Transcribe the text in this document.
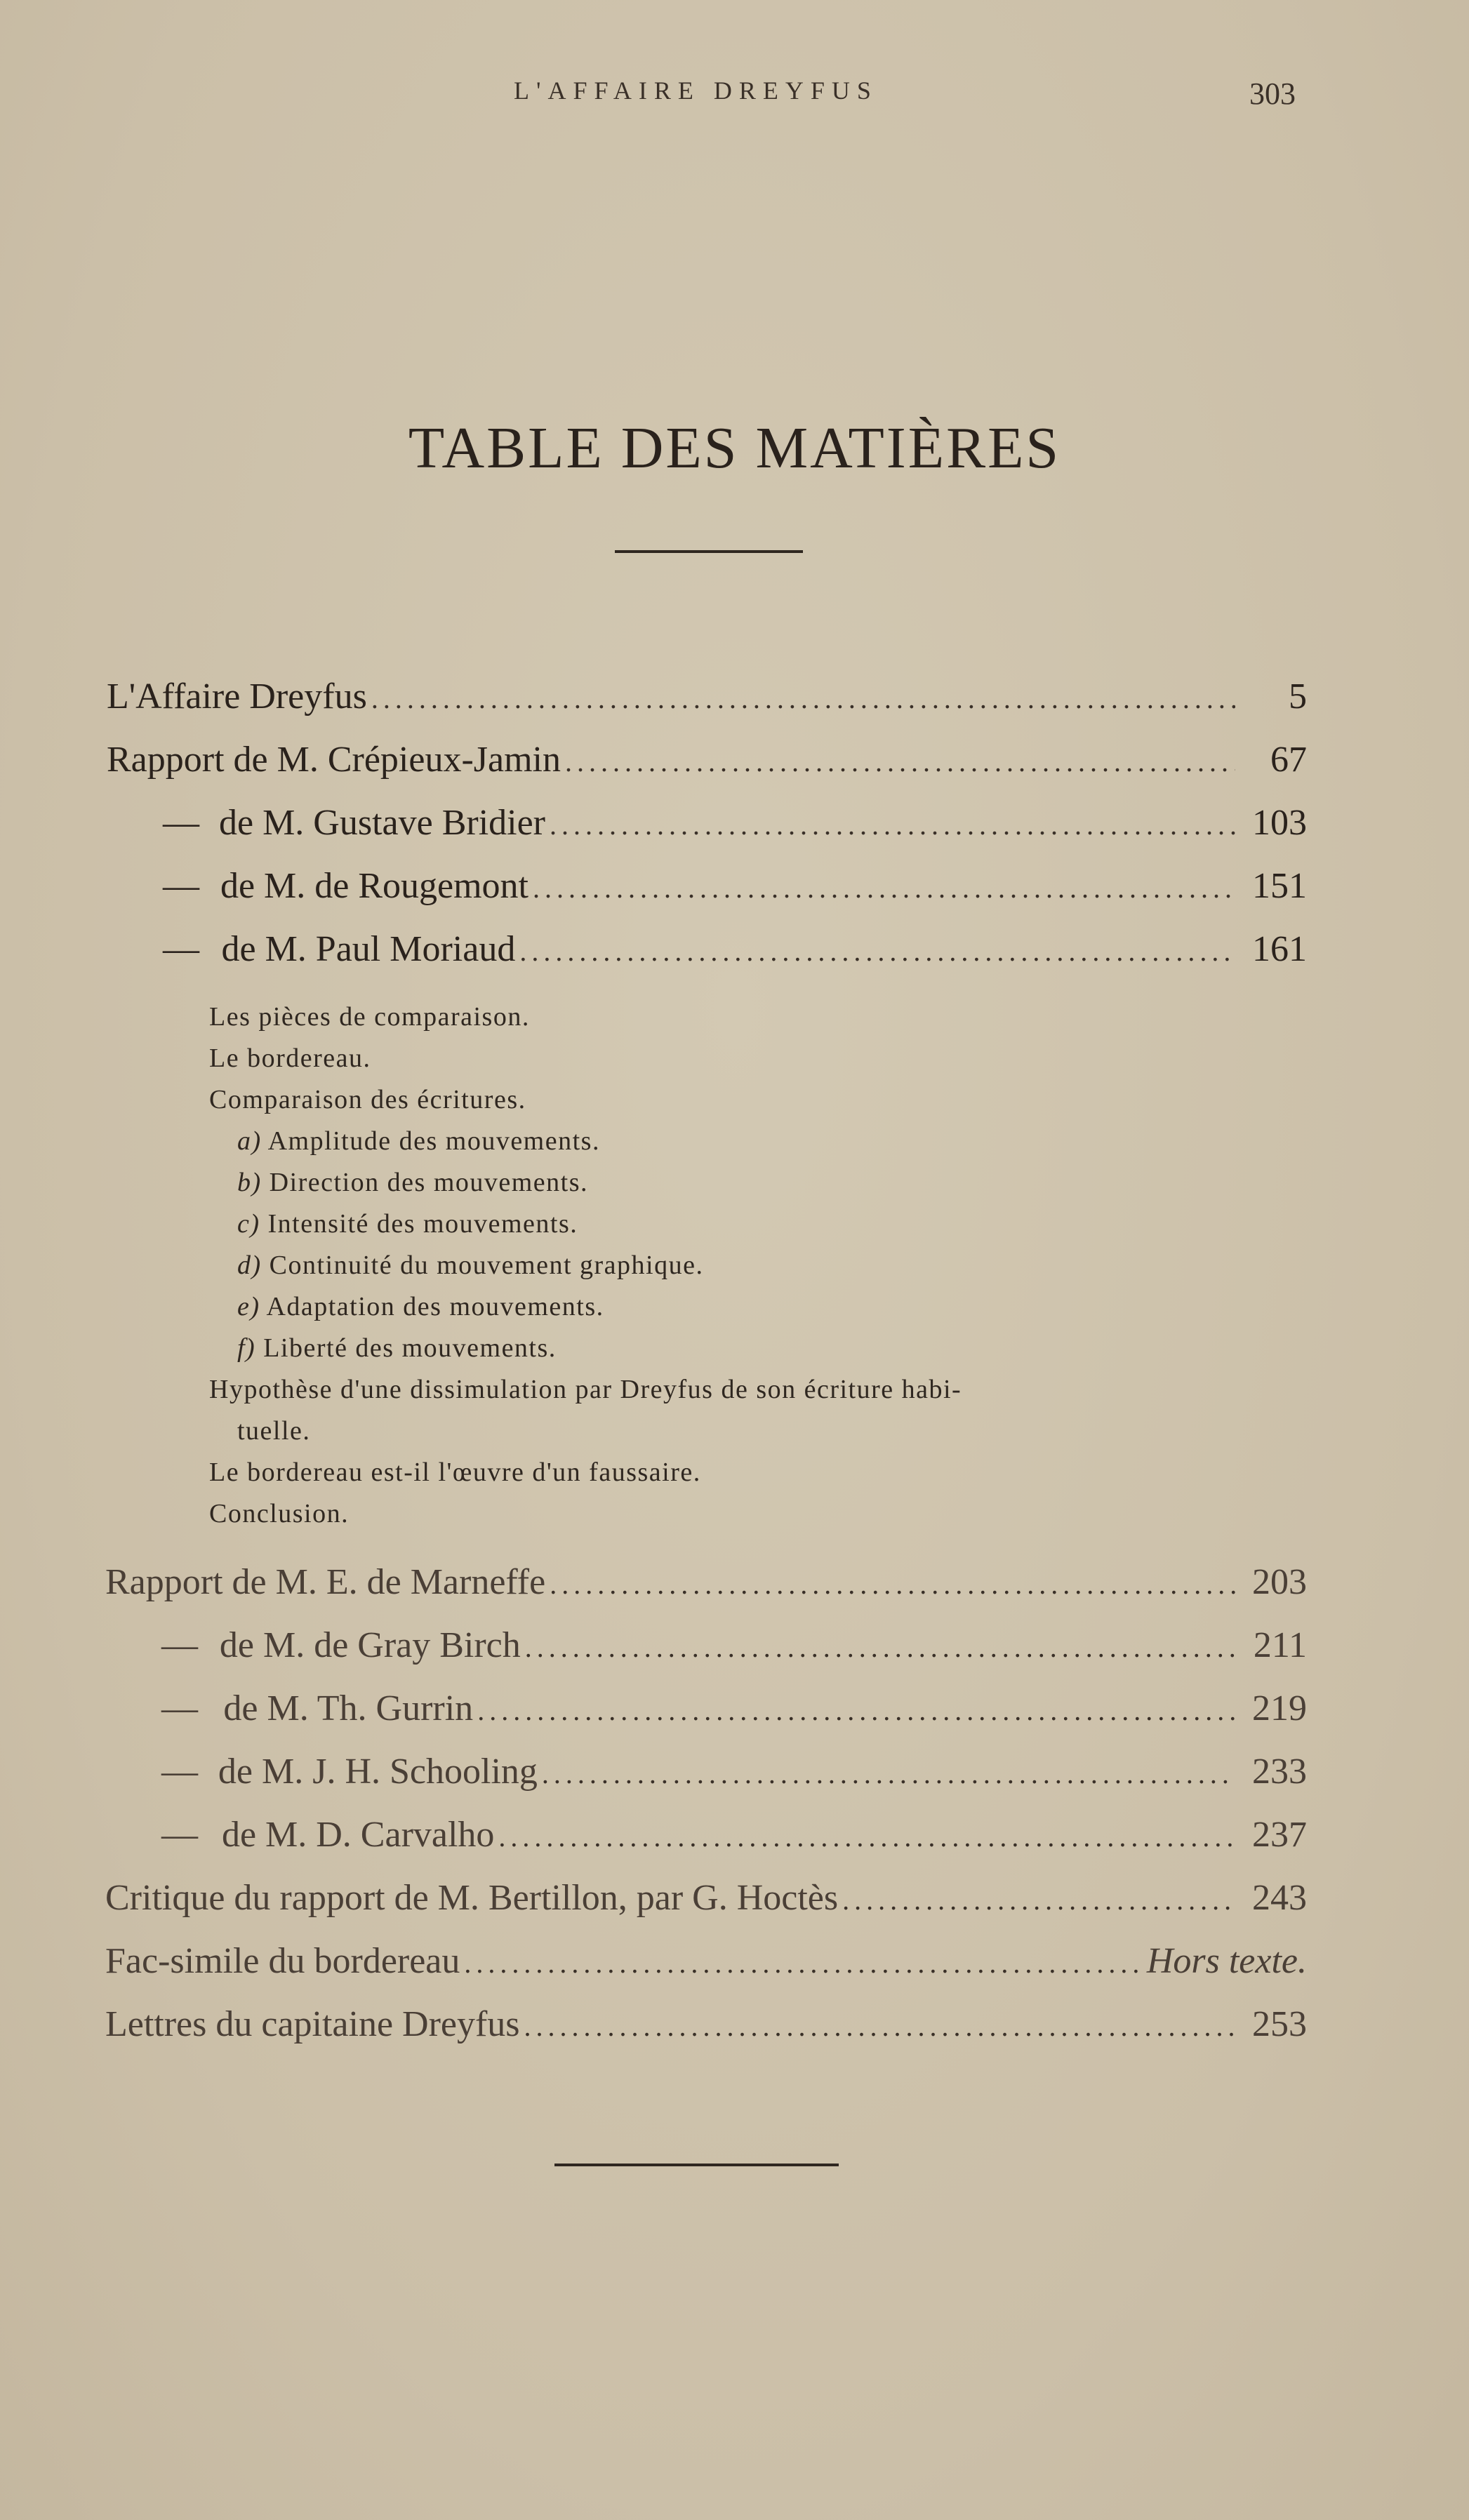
L'AFFAIRE DREYFUS	303
TABLE DES MATIÈRES
L'Affaire Dreyfus . . .	5
Rapport de M. Crépieux-Jamin . . .	67
— de M. Gustave Bridier . . .	103
— de M. de Rougemont . . .	151
— de M. Paul Moriaud . . .	161
Les pièces de comparaison.
Le bordereau.
Comparaison des écritures.
a) Amplitude des mouvements.
b) Direction des mouvements.
c) Intensité des mouvements.
d) Continuité du mouvement graphique.
e) Adaptation des mouvements.
f) Liberté des mouvements.
Hypothèse d'une dissimulation par Dreyfus de son écriture habi-
tuelle.
Le bordereau est-il l'œuvre d'un faussaire.
Conclusion.
Rapport de M. E. de Marneffe . . .	203
— de M. de Gray Birch . . .	211
— de M. Th. Gurrin . . .	219
— de M. J. H. Schooling . . .	233
— de M. D. Carvalho . . .	237
Critique du rapport de M. Bertillon, par G. Hoctès . . .	243
Fac-simile du bordereau . . .	Hors texte.
Lettres du capitaine Dreyfus . . .	253
